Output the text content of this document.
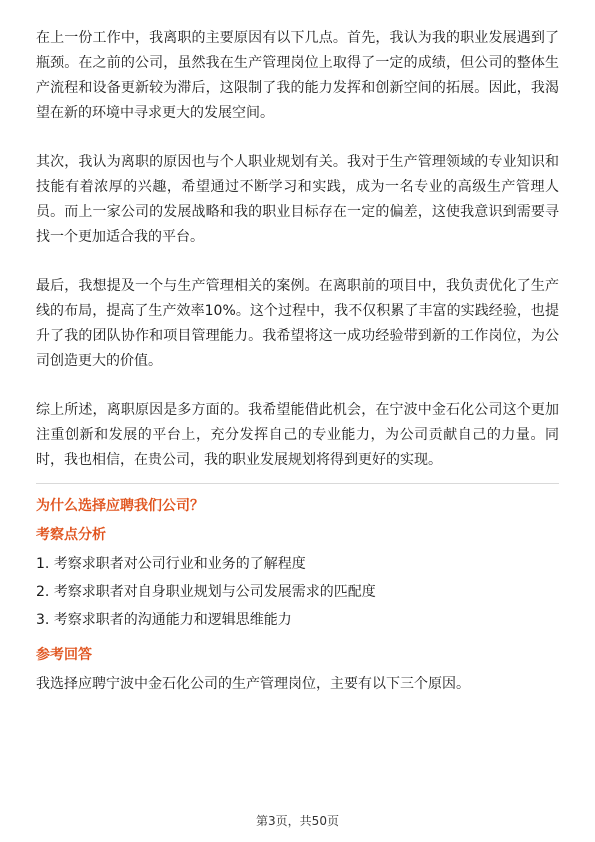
在上一份工作中，我离职的主要原因有以下几点。首先，我认为我的职业发展遇到了瓶颈。在之前的公司，虽然我在生产管理岗位上取得了一定的成绩，但公司的整体生产流程和设备更新较为滞后，这限制了我的能力发挥和创新空间的拓展。因此，我渴望在新的环境中寻求更大的发展空间。

其次，我认为离职的原因也与个人职业规划有关。我对于生产管理领域的专业知识和技能有着浓厚的兴趣，希望通过不断学习和实践，成为一名专业的高级生产管理人员。而上一家公司的发展战略和我的职业目标存在一定的偏差，这使我意识到需要寻找一个更加适合我的平台。

最后，我想提及一个与生产管理相关的案例。在离职前的项目中，我负责优化了生产线的布局，提高了生产效率10%。这个过程中，我不仅积累了丰富的实践经验，也提升了我的团队协作和项目管理能力。我希望将这一成功经验带到新的工作岗位，为公司创造更大的价值。

综上所述，离职原因是多方面的。我希望能借此机会，在宁波中金石化公司这个更加注重创新和发展的平台上，充分发挥自己的专业能力，为公司贡献自己的力量。同时，我也相信，在贵公司，我的职业发展规划将得到更好的实现。

为什么选择应聘我们公司？
考察点分析
1. 考察求职者对公司行业和业务的了解程度
2. 考察求职者对自身职业规划与公司发展需求的匹配度
3. 考察求职者的沟通能力和逻辑思维能力
参考回答
我选择应聘宁波中金石化公司的生产管理岗位，主要有以下三个原因。
第3页，共50页
